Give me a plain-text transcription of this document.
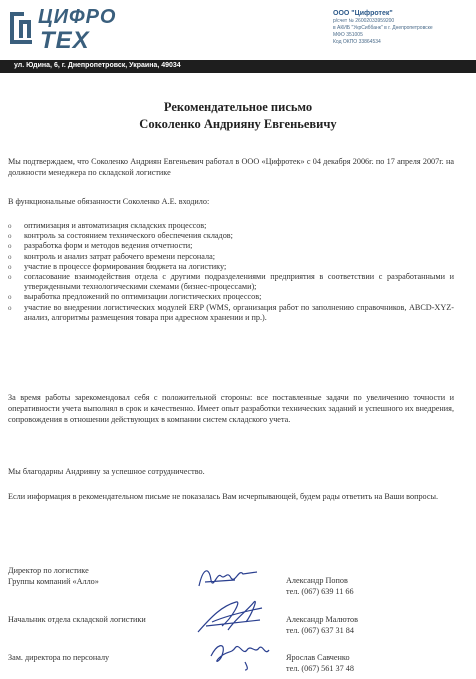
ЦИФРО
ТЕХ
ООО "Цифротек"
р/счет № 26002033959200
в АКИБ "УкрСиббанк" в г. Днепропетровске
МФО 351005
Код ОКПО 33864534
ул. Юдина, 6, г. Днепропетровск, Украина, 49034
Рекомендательное письмо
Соколенко Андрияну Евгеньевичу
Мы подтверждаем, что Соколенко Андриян Евгеньевич работал в ООО «Цифротек» с 04 декабря 2006г. по 17 апреля 2007г. на должности менеджера по складской логистике
В функциональные обязанности Соколенко А.Е. входило:
o оптимизация и автоматизация складских процессов;
o контроль за состоянием технического обеспечения складов;
o разработка форм и методов ведения отчетности;
o контроль и анализ затрат рабочего времени персонала;
o участие в процессе формирования бюджета на логистику;
o согласование взаимодействия отдела с другими подразделениями предприятия в соответствии с разработанными и утвержденными технологическими схемами (бизнес-процессами);
o выработка предложений по оптимизации логистических процессов;
o участие во внедрении логистических модулей ERP (WMS, организация работ по заполнению справочников, ABCD-XYZ-анализ, алгоритмы размещения товара при адресном хранении и пр.).
За время работы зарекомендовал себя с положительной стороны: все поставленные задачи по увеличению точности и оперативности учета выполнял в срок и качественно. Имеет опыт разработки технических заданий и успешного их внедрения, сопровождения в отношении действующих в компании систем складского учета.
Мы благодарны Андрияну за успешное сотрудничество.
Если информация в рекомендательном письме не показалась Вам исчерпывающей, будем рады ответить на Ваши вопросы.
Директор по логистике
Группы компаний «Алло»	Александр Попов
тел. (067) 639 11 66
Начальник отдела складской логистики	Александр Малютов
тел. (067) 637 31 84
Зам. директора по персоналу	Ярослав Савченко
тел. (067) 561 37 48
